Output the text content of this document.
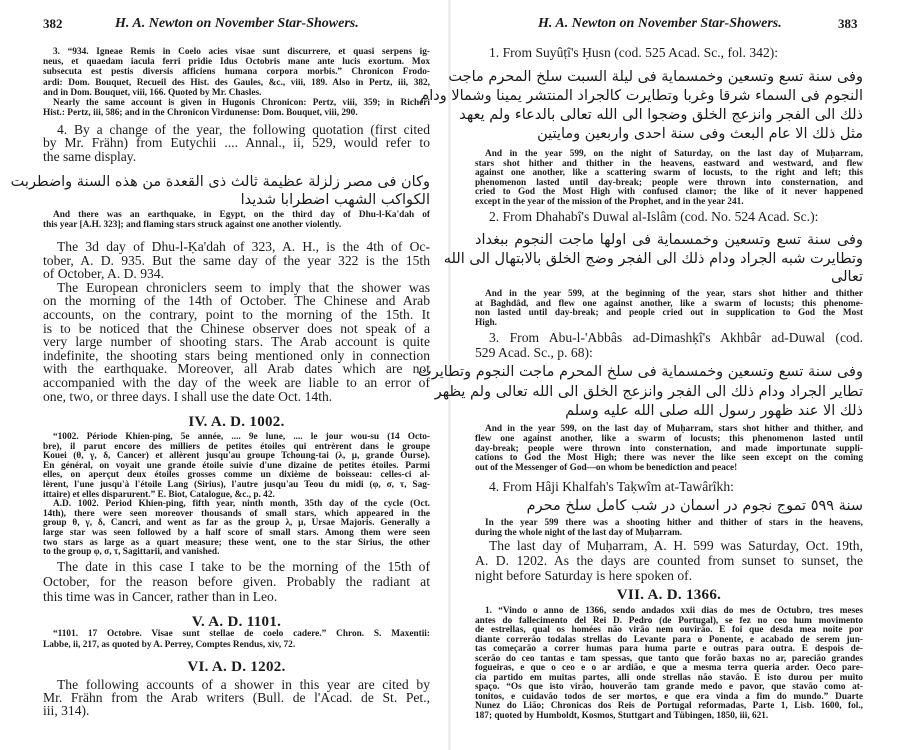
382	H. A. Newton on November Star-Showers.
3. “934. Igneae Remis in Coelo acies visae sunt discurrere, et quasi serpens ig-
neus, et quaedam iacula ferri pridie Idus Octobris mane ante lucis exortum. Mox
subsecuta est pestis diversis afficiens humana corpora morbis.” Chronicon Frodo-
ardi: Dom. Bouquet, Recueil des Hist. des Gaules, &c., viii, 189. Also in Pertz, iii, 382,
and in Dom. Bouquet, viii, 166. Quoted by Mr. Chasles.
Nearly the same account is given in Hugonis Chronicon: Pertz, viii, 359; in Richeri
Hist.: Pertz, iii, 586; and in the Chronicon Virdunense: Dom. Bouquet, viii, 290.
4. By a change of the year, the following quotation (first cited
by Mr. Frähn) from Eutychii .... Annal., ii, 529, would refer to
the same display.
وكان فى مصر زلزلة عظيمة ثالث ذى القعدة من هذه السنة واضطربت
الكواكب الشهب اضطرابا شديدا
And there was an earthquake, in Egypt, on the third day of Dhu-l-Ka'dah of
this year [A.H. 323]; and flaming stars struck against one another violently.
The 3d day of Dhu-l-Ḳa'dah of 323, A. H., is the 4th of Oc-
tober, A. D. 935. But the same day of the year 322 is the 15th
of October, A. D. 934.
The European chroniclers seem to imply that the shower was
on the morning of the 14th of October. The Chinese and Arab
accounts, on the contrary, point to the morning of the 15th. It
is to be noticed that the Chinese observer does not speak of a
very large number of shooting stars. The Arab account is quite
indefinite, the shooting stars being mentioned only in connection
with the earthquake. Moreover, all Arab dates which are not
accompanied with the day of the week are liable to an error of
one, two, or three days. I shall use the date Oct. 14th.
IV. A. D. 1002.
“1002. Période Khien-ping, 5e année, .... 9e lune, .... le jour wou-su (14 Octo-
bre), il parut encore des milliers de petites étoiles qui entrèrent dans le groupe
Kouei (θ, γ, δ, Cancer) et allèrent jusqu'au groupe Tchoung-tai (λ, μ, grande Ourse).
En général, on voyait une grande étoile suivie d'une dizaine de petites étoiles. Parmi
elles, on aperçut deux étoiles grosses comme un dixième de boisseau: celles-ci al-
lèrent, l'une jusqu'à l'étoile Lang (Sirius), l'autre jusqu'au Teou du midi (φ, σ, τ, Sag-
ittaire) et elles disparurent.” E. Biot, Catalogue, &c., p. 42.
A.D. 1002. Period Khien-ping, fifth year, ninth month, 35th day of the cycle (Oct.
14th), there were seen moreover thousands of small stars, which appeared in the
group θ, γ, δ, Cancri, and went as far as the group λ, μ, Ursae Majoris. Generally a
large star was seen followed by a half score of small stars. Among them were seen
two stars as large as a quart measure; these went, one to the star Sirius, the other
to the group φ, σ, τ, Sagittarii, and vanished.
The date in this case I take to be the morning of the 15th of
October, for the reason before given. Probably the radiant at
this time was in Cancer, rather than in Leo.
V. A. D. 1101.
“1101. 17 Octobre. Visae sunt stellae de coelo cadere.” Chron. S. Maxentii:
Labbe, ii, 217, as quoted by A. Perrey, Comptes Rendus, xiv, 72.
VI. A. D. 1202.
The following accounts of a shower in this year are cited by
Mr. Frähn from the Arab writers (Bull. de l'Acad. de St. Pet.,
iii, 314).
H. A. Newton on November Star-Showers.	383
1. From Suyûṭî's Ḥusn (cod. 525 Acad. Sc., fol. 342):
وفى سنة تسع وتسعين وخمسماية فى ليلة السبت سلخ المحرم ماجت
النجوم فى السماء شرقا وغربا وتطايرت كالجراد المنتشر يمينا وشمالا ودام
ذلك الى الفجر وانزعج الخلق وضجوا الى الله تعالى بالدعاء ولم يعهد
مثل ذلك الا عام البعث وفى سنة احدى واربعين ومايتين
And in the year 599, on the night of Saturday, on the last day of Muḥarram,
stars shot hither and thither in the heavens, eastward and westward, and flew
against one another, like a scattering swarm of locusts, to the right and left; this
phenomenon lasted until day-break; people were thrown into consternation, and
cried to God the Most High with confused clamor; the like of it never happened
except in the year of the mission of the Prophet, and in the year 241.
2. From Dhahabî's Duwal al-Islâm (cod. No. 524 Acad. Sc.):
وفى سنة تسع وتسعين وخمسماية فى اولها ماجت النجوم ببغداد
وتطايرت شبه الجراد ودام ذلك الى الفجر وضج الخلق بالابتهال الى الله
تعالى
And in the year 599, at the beginning of the year, stars shot hither and thither
at Baghdâd, and flew one against another, like a swarm of locusts; this phenome-
non lasted until day-break; and people cried out in supplication to God the Most
High.
3. From Abu-l-'Abbâs ad-Dimashḳî's Akhbâr ad-Duwal (cod.
529 Acad. Sc., p. 68):
وفى سنة تسع وتسعين وخمسماية فى سلخ المحرم ماجت النجوم وتطايرت
تطاير الجراد ودام ذلك الى الفجر وانزعج الخلق الى الله تعالى ولم يظهر
ذلك الا عند ظهور رسول الله صلى الله عليه وسلم
And in the year 599, on the last day of Muḥarram, stars shot hither and thither, and
flew one against another, like a swarm of locusts; this phenomenon lasted until
day-break; people were thrown into consternation, and made importunate suppli-
cations to God the Most High; there was never the like seen except on the coming
out of the Messenger of God—on whom be benediction and peace!
4. From Hâji Khalfah's Taḳwîm at-Tawârîkh:
سنة ٥٩٩ تموج نجوم در اسمان در شب كامل سلخ محرم
In the year 599 there was a shooting hither and thither of stars in the heavens,
during the whole night of the last day of Muḥarram.
The last day of Muḥarram, A. H. 599 was Saturday, Oct. 19th,
A. D. 1202. As the days are counted from sunset to sunset, the
night before Saturday is here spoken of.
VII. A. D. 1366.
1. “Vindo o anno de 1366, sendo andados xxii dias do mes de Octubro, tres meses
antes do fallecimento del Rei D. Pedro (de Portugal), se fez no ceo hum movimento
de estrellas, qual os homées não virão nem ouvirão. E foi que desda mea noite por
diante correrão todalas strellas do Levante para o Ponente, e acabado de serem jun-
tas começarão a correr humas para huma parte e outras para outra. E despois de-
scerão do ceo tantas e tam spessas, que tanto que forão baxas no ar, parecião grandes
fogueiras, e que o ceo e o ar ardião, e que a mesma terra queria arder. Oeco pare-
cia partido em muitas partes, alli onde strellas não stavão. E isto durou per muito
spaço. “Os que isto virão, houverão tam grande medo e pavor, que stavão como at-
tonitos, e cuidavão todos de ser mortos, e que era vinda a fim do mundo.” Duarte
Nunez do Lião; Chronicas dos Reis de Portugal reformadas, Parte 1, Lisb. 1600, fol.,
187; quoted by Humboldt, Kosmos, Stuttgart and Tübingen, 1850, iii, 621.
